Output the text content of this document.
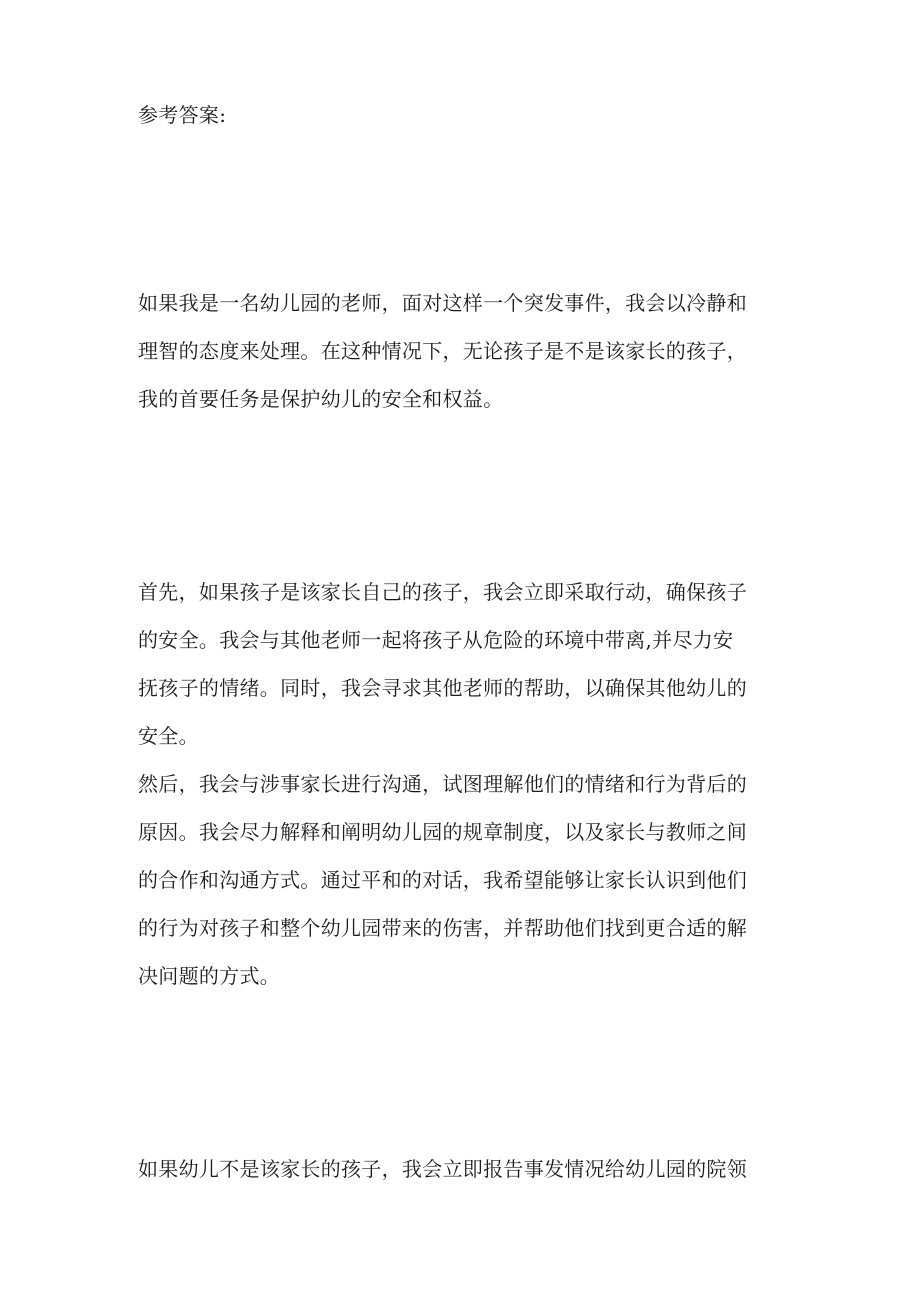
参考答案:
如果我是一名幼儿园的老师，面对这样一个突发事件，我会以冷静和
理智的态度来处理。在这种情况下，无论孩子是不是该家长的孩子，
我的首要任务是保护幼儿的安全和权益。
首先，如果孩子是该家长自己的孩子，我会立即采取行动，确保孩子
的安全。我会与其他老师一起将孩子从危险的环境中带离,并尽力安
抚孩子的情绪。同时，我会寻求其他老师的帮助，以确保其他幼儿的
安全。
然后，我会与涉事家长进行沟通，试图理解他们的情绪和行为背后的
原因。我会尽力解释和阐明幼儿园的规章制度，以及家长与教师之间
的合作和沟通方式。通过平和的对话，我希望能够让家长认识到他们
的行为对孩子和整个幼儿园带来的伤害，并帮助他们找到更合适的解
决问题的方式。
如果幼儿不是该家长的孩子，我会立即报告事发情况给幼儿园的院领
